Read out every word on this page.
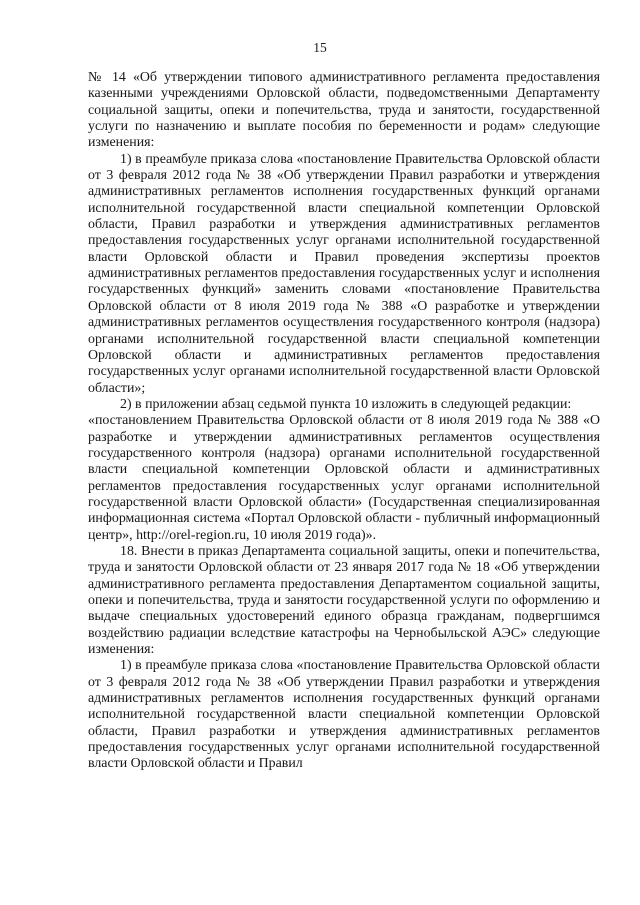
15

№ 14 «Об утверждении типового административного регламента предоставления казенными учреждениями Орловской области, подведомственными Департаменту социальной защиты, опеки и попечительства, труда и занятости, государственной услуги по назначению и выплате пособия по беременности и родам» следующие изменения:

1) в преамбуле приказа слова «постановление Правительства Орловской области от 3 февраля 2012 года № 38 «Об утверждении Правил разработки и утверждения административных регламентов исполнения государственных функций органами исполнительной государственной власти специальной компетенции Орловской области, Правил разработки и утверждения административных регламентов предоставления государственных услуг органами исполнительной государственной власти Орловской области и Правил проведения экспертизы проектов административных регламентов предоставления государственных услуг и исполнения государственных функций» заменить словами «постановление Правительства Орловской области от 8 июля 2019 года № 388 «О разработке и утверждении административных регламентов осуществления государственного контроля (надзора) органами исполнительной государственной власти специальной компетенции Орловской области и административных регламентов предоставления государственных услуг органами исполнительной государственной власти Орловской области»;

2) в приложении абзац седьмой пункта 10 изложить в следующей редакции:

«постановлением Правительства Орловской области от 8 июля 2019 года № 388 «О разработке и утверждении административных регламентов осуществления государственного контроля (надзора) органами исполнительной государственной власти специальной компетенции Орловской области и административных регламентов предоставления государственных услуг органами исполнительной государственной власти Орловской области» (Государственная специализированная информационная система «Портал Орловской области - публичный информационный центр», http://orel-region.ru, 10 июля 2019 года)».

18. Внести в приказ Департамента социальной защиты, опеки и попечительства, труда и занятости Орловской области от 23 января 2017 года № 18 «Об утверждении административного регламента предоставления Департаментом социальной защиты, опеки и попечительства, труда и занятости государственной услуги по оформлению и выдаче специальных удостоверений единого образца гражданам, подвергшимся воздействию радиации вследствие катастрофы на Чернобыльской АЭС» следующие изменения:

1) в преамбуле приказа слова «постановление Правительства Орловской области от 3 февраля 2012 года № 38 «Об утверждении Правил разработки и утверждения административных регламентов исполнения государственных функций органами исполнительной государственной власти специальной компетенции Орловской области, Правил разработки и утверждения административных регламентов предоставления государственных услуг органами исполнительной государственной власти Орловской области и Правил
